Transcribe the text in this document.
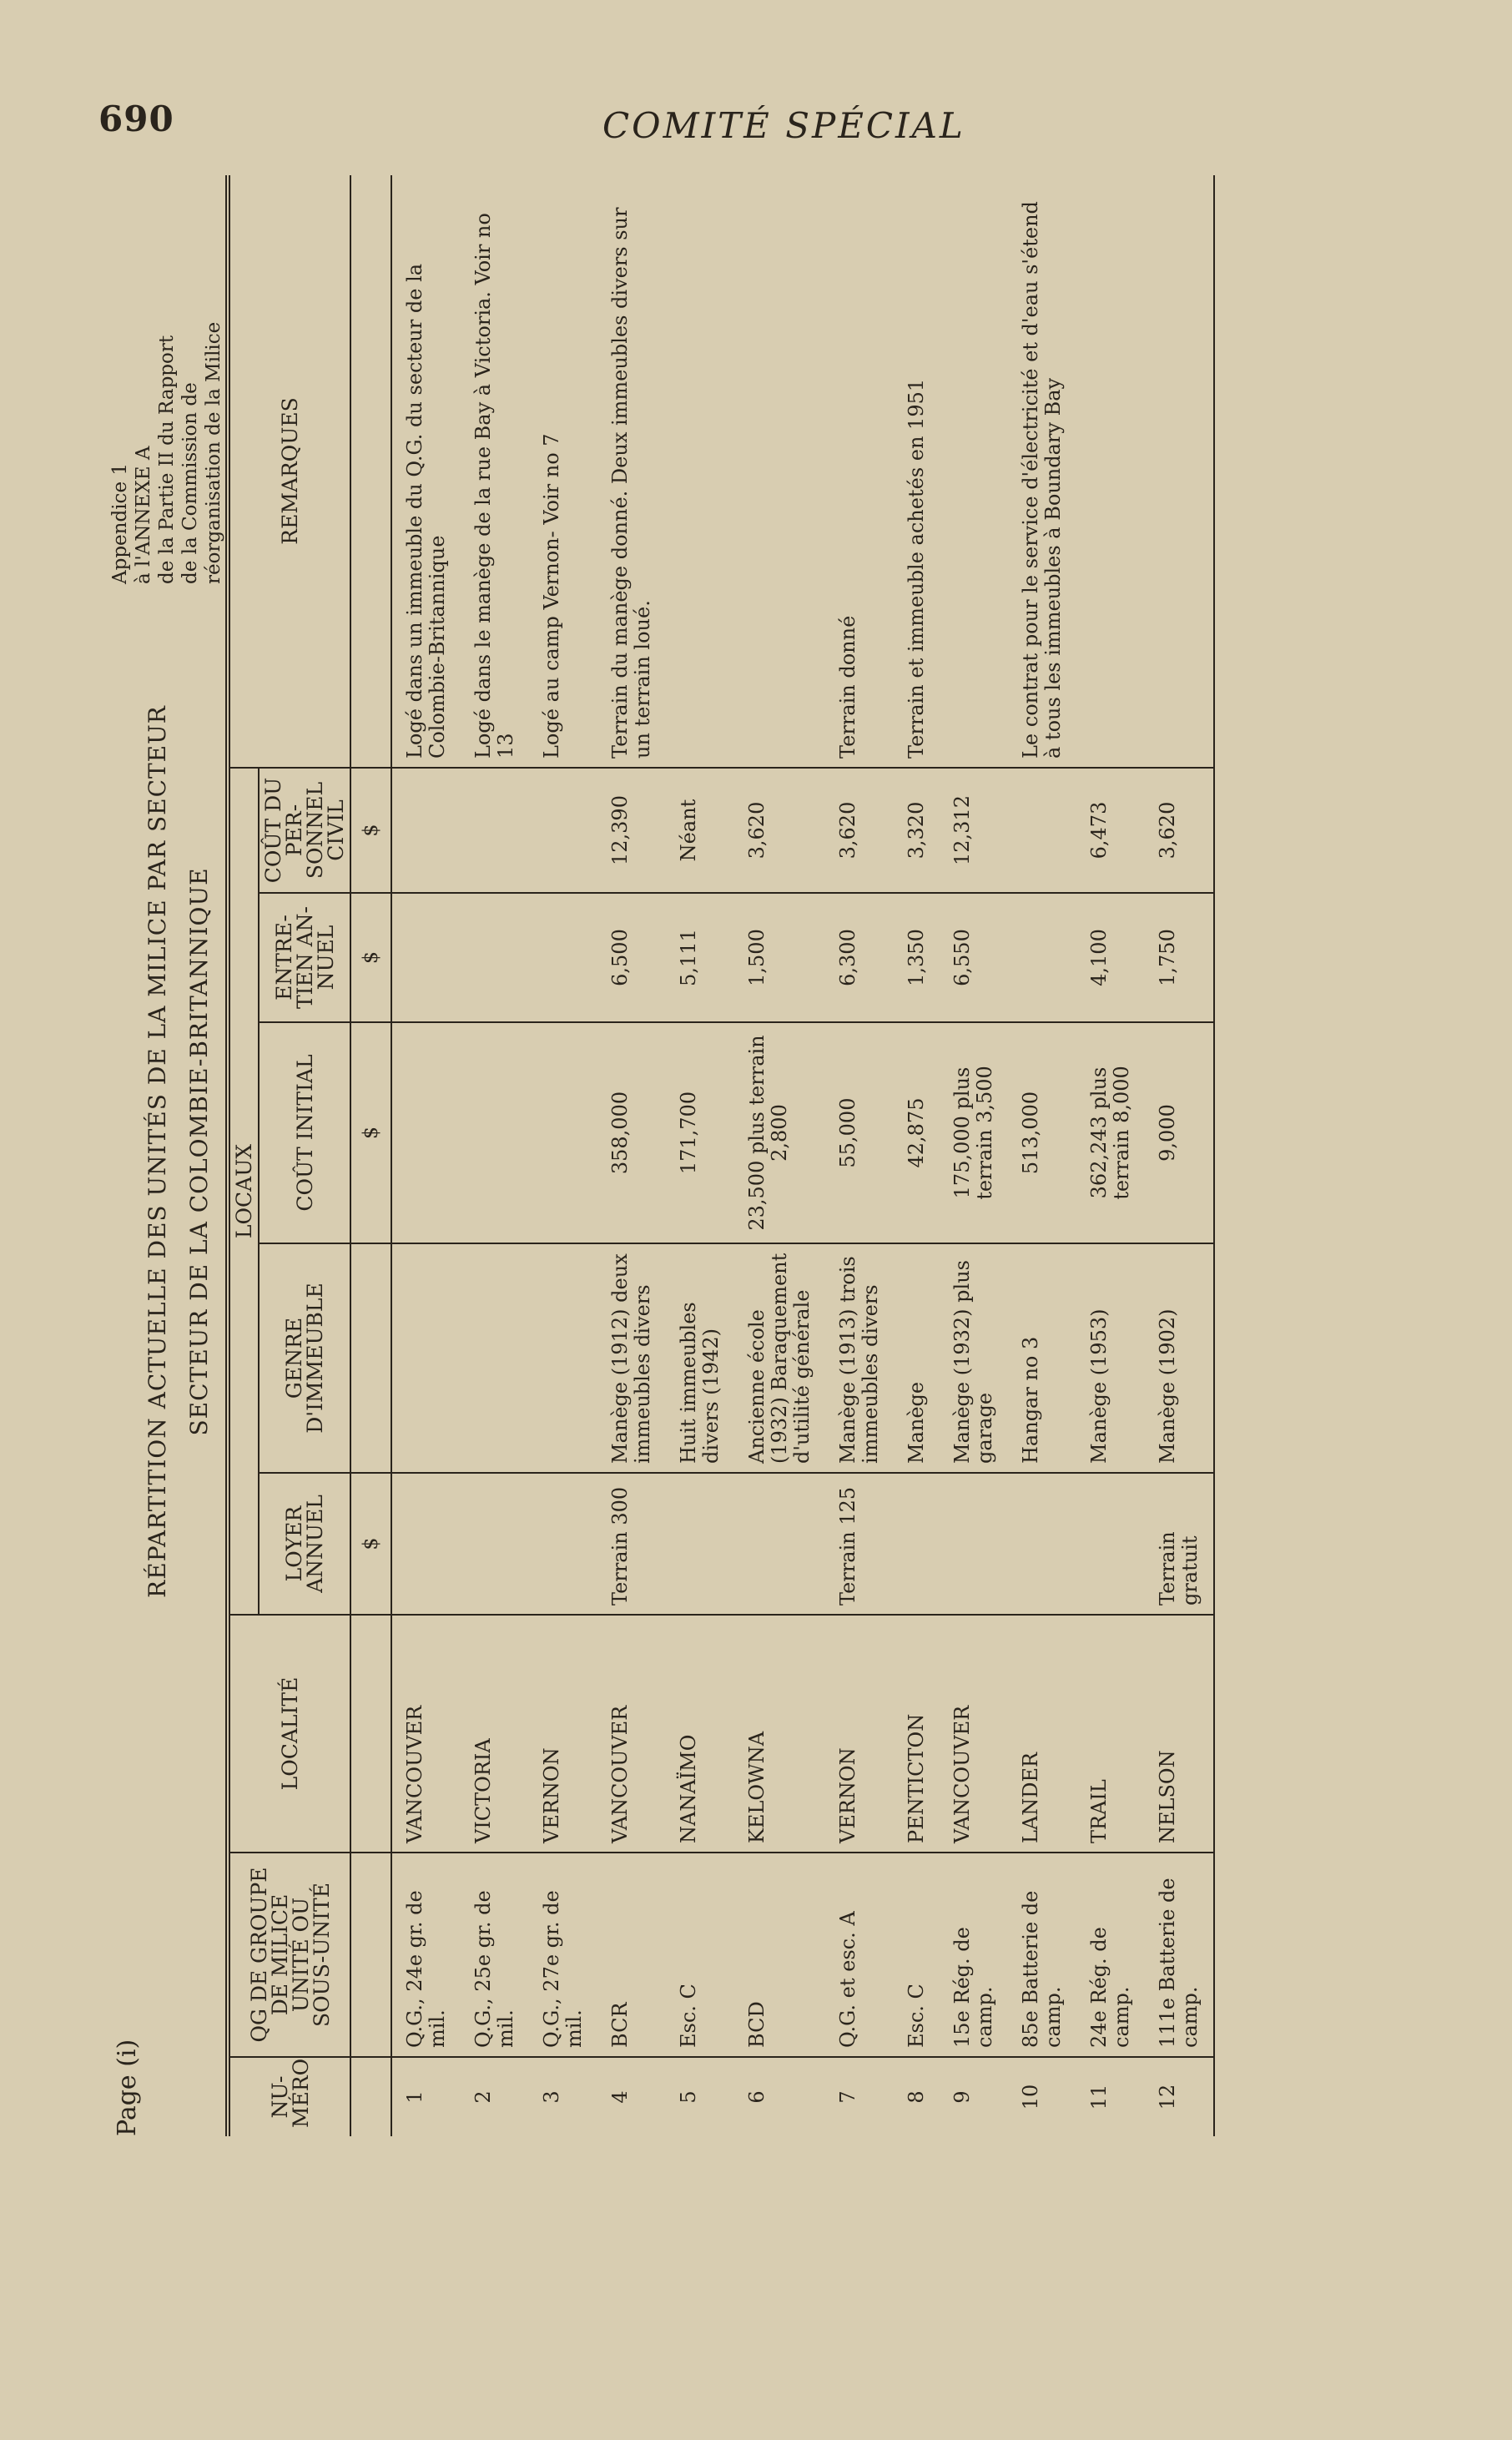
690	COMITÉ SPÉCIAL
Page (i)
RÉPARTITION ACTUELLE DES UNITÉS DE LA MILICE PAR SECTEUR SECTEUR DE LA COLOMBIE-BRITANNIQUE
Appendice 1 à l'ANNEXE A de la Partie II du Rapport de la Commission de réorganisation de la Milice
NU-MÉRO	QG DE GROUPE DE MILICE UNITÉ OU SOUS-UNITÉ	LOCALITÉ	LOCAUX					REMARQUES
			LOYER ANNUEL	GENRE D'IMMEUBLE	COÛT INITIAL	ENTRE-TIEN AN-NUEL	COÛT DU PER-SONNEL CIVIL	
			$		$	$	$	
1	Q.G., 24e gr. de mil.	VANCOUVER						Logé dans un immeuble du Q.G. du secteur de la Colombie-Britannique
2	Q.G., 25e gr. de mil.	VICTORIA						Logé dans le manège de la rue Bay à Victoria. Voir no 13
3	Q.G., 27e gr. de mil.	VERNON						Logé au camp Vernon- Voir no 7
4	BCR	VANCOUVER	Terrain 300	Manège (1912) deux immeubles divers	358,000	6,500	12,390	Terrain du manège donné. Deux immeubles divers sur un terrain loué.
5	Esc. C	NANAÏMO		Huit immeubles divers (1942)	171,700	5,111	Néant	
6	BCD	KELOWNA		Ancienne école (1932) Baraquement d'utilité générale	23,500 plus terrain 2,800	1,500	3,620	
7	Q.G. et esc. A	VERNON	Terrain 125	Manège (1913) trois immeubles divers	55,000	6,300	3,620	Terrain donné
8	Esc. C	PENTICTON		Manège	42,875	1,350	3,320	Terrain et immeuble achetés en 1951
9	15e Rég. de camp.	VANCOUVER		Manège (1932) plus garage	175,000 plus terrain 3,500	6,550	12,312	
10	85e Batterie de camp.	LANDER		Hangar no 3	513,000			Le contrat pour le service d'électricité et d'eau s'étend à tous les immeubles à Boundary Bay
11	24e Rég. de camp.	TRAIL		Manège (1953)	362,243 plus terrain 8,000	4,100	6,473	
12	111e Batterie de camp.	NELSON	Terrain gratuit	Manège (1902)	9,000	1,750	3,620	
